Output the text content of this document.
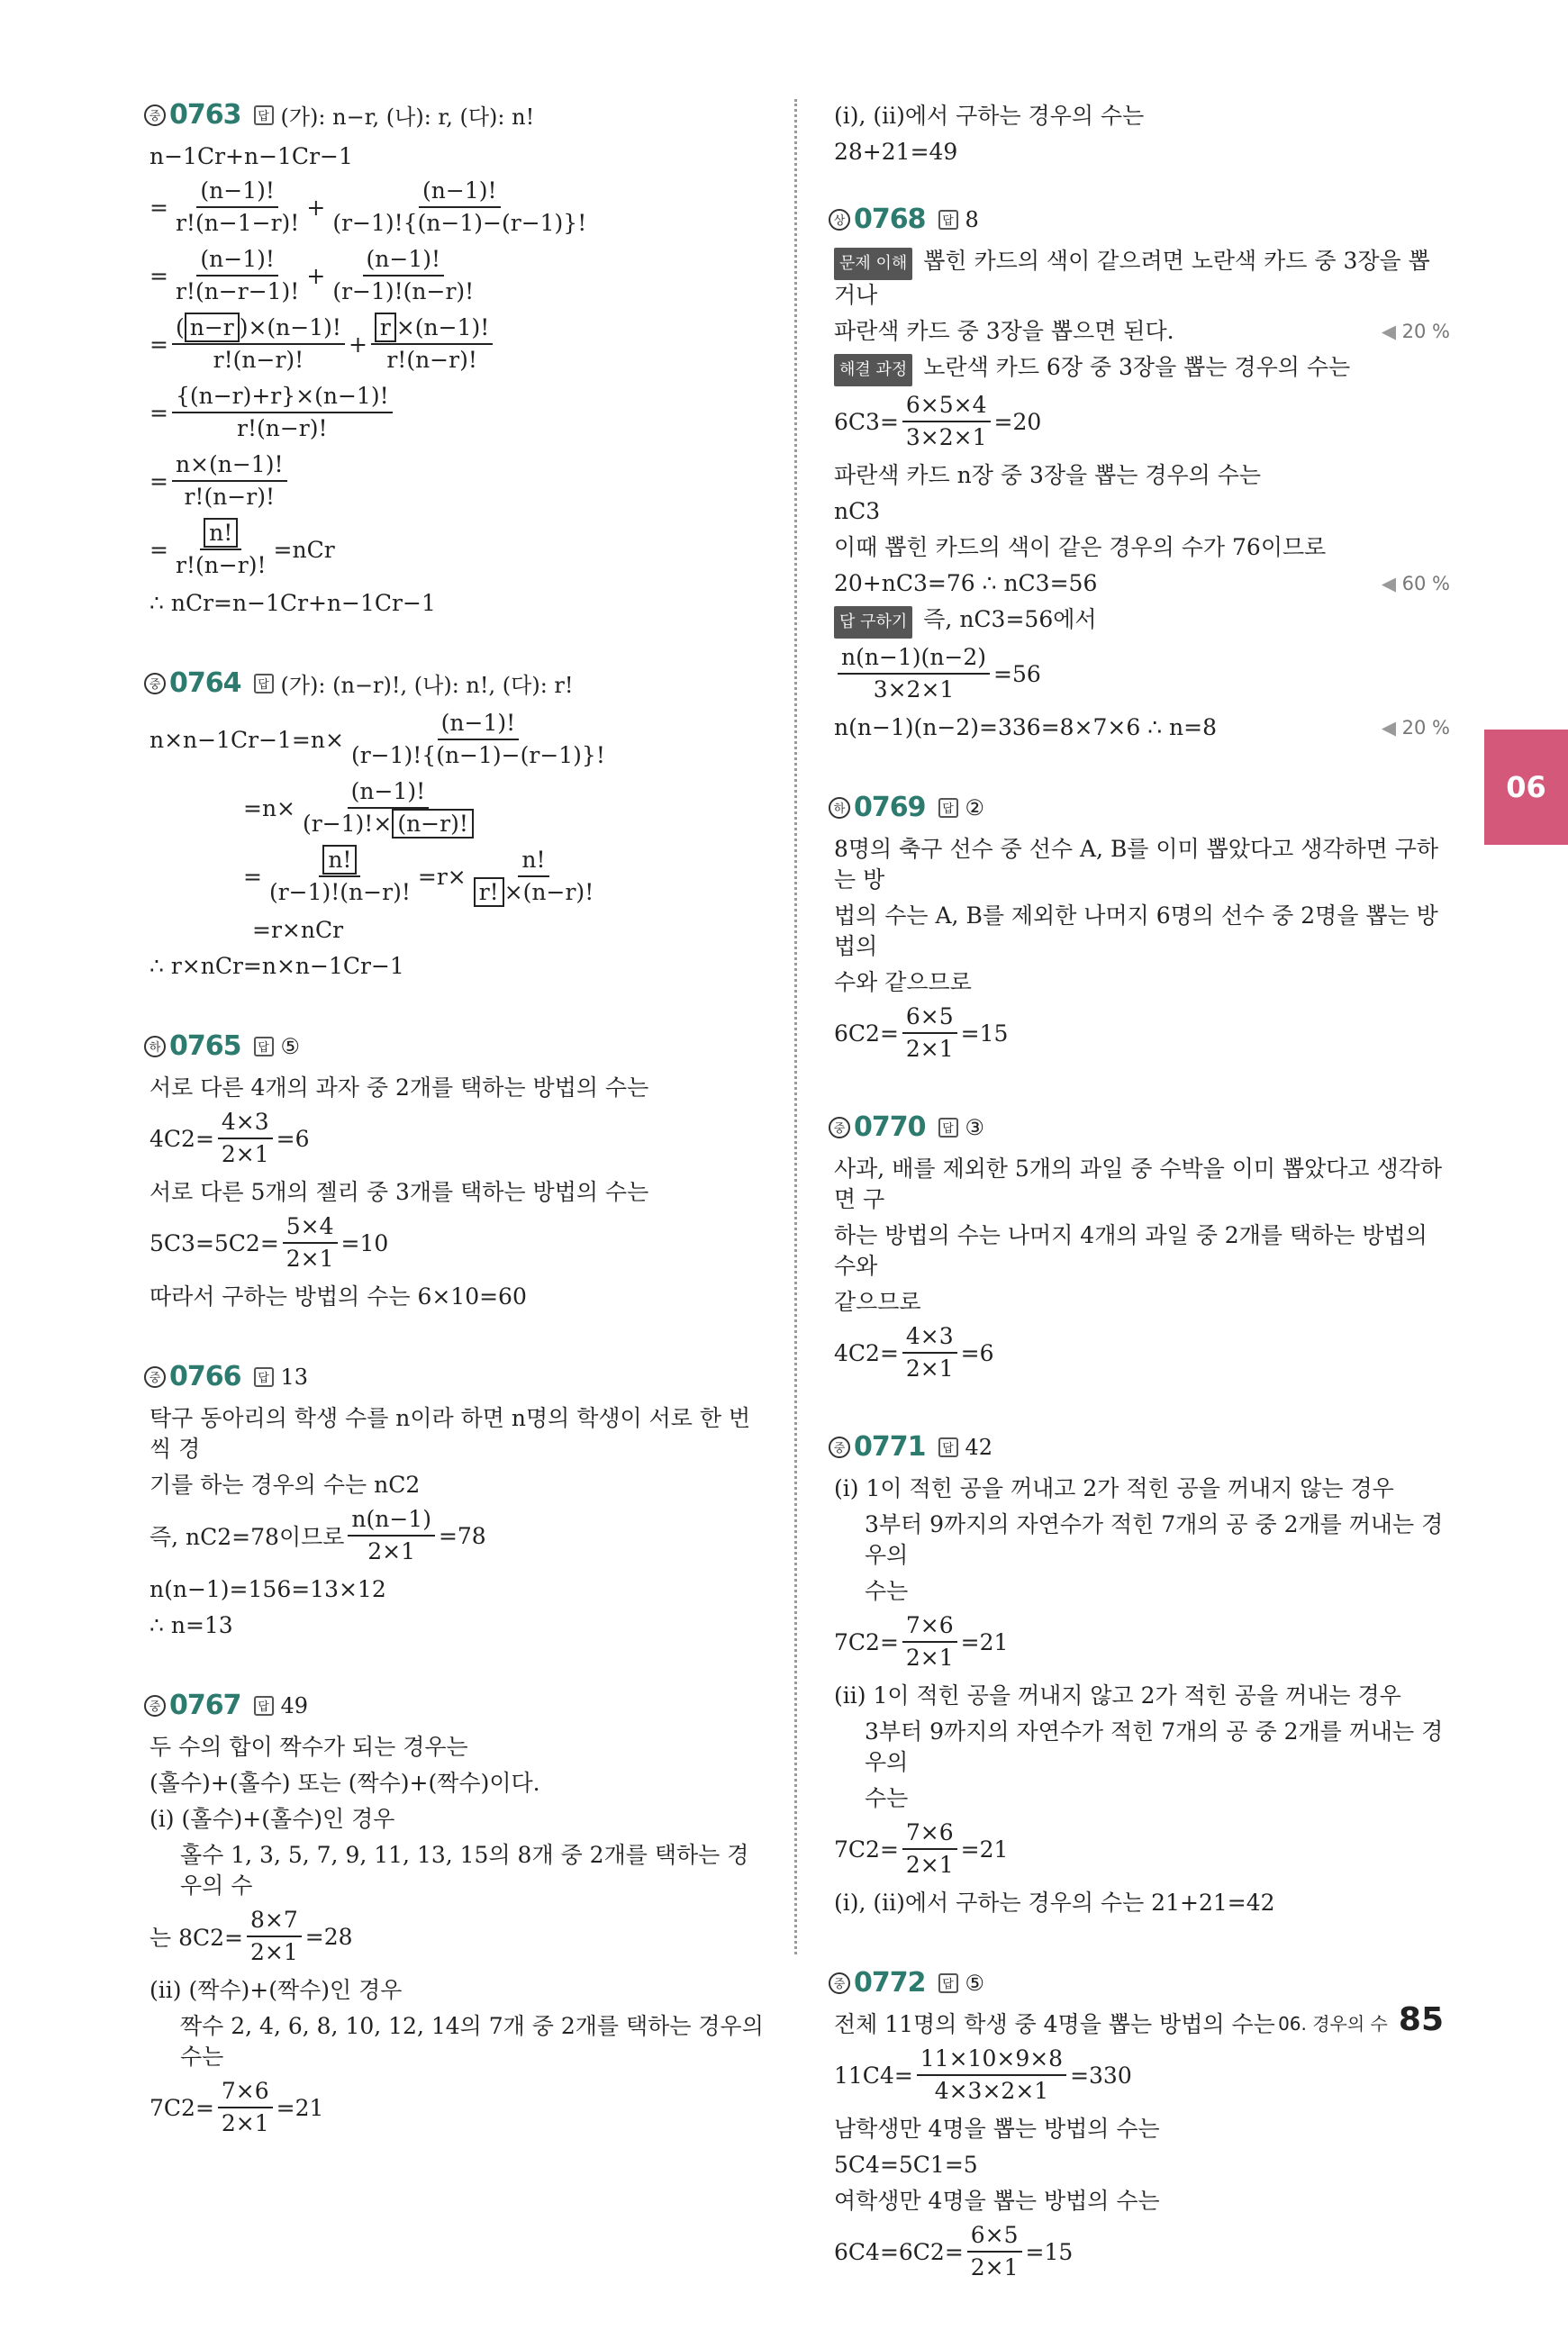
중 0763	답 (가): n−r, (나): r, (다): n!
n−1Cr+n−1Cr−1
= $\frac{(n-1)!}{r!(n-1-r)!} + \frac{(n-1)!}{(r-1)!\{(n-1)-(r-1)\}!}$
= $\frac{(n-1)!}{r!(n-r-1)!} + \frac{(n-1)!}{(r-1)!(n-r)!}$
= $\frac{( n-r )\times(n-1)!}{r!(n-r)!} + \frac{r \times(n-1)!}{r!(n-r)!}$
= $\frac{\{(n-r)+r\}\times(n-1)!}{r!(n-r)!}$
= $\frac{n\times(n-1)!}{r!(n-r)!}$
= $\frac{n!}{r!(n-r)!} =nCr$
∴ nCr=n−1Cr+n−1Cr−1
중 0764	답 (가): (n−r)!, (나): n!, (다): r!
$n\times n-1Cr-1=n\times \frac{(n-1)!}{(r-1)!\{(n-1)-(r-1)\}!}$
$=n\times \frac{(n-1)!}{(r-1)!\times (n-r)!}$
= $\frac{n!}{(r-1)!(n-r)!} =r\times \frac{n!}{r! \times(n-r)!}$
=r×nCr
∴ r×nCr=n×n−1Cr−1
하 0765	답 ⑤
서로 다른 4개의 과자 중 2개를 택하는 방법의 수는
$4C2= \frac{4\times 3}{2\times 1} =6$
서로 다른 5개의 젤리 중 3개를 택하는 방법의 수는
$5C3=5C2= \frac{5\times 4}{2\times 1} =10$
따라서 구하는 방법의 수는 6×10=60
중 0766	답 13
탁구 동아리의 학생 수를 n이라 하면 n명의 학생이 서로 한 번씩 경
기를 하는 경우의 수는 nC2
즉, nC2=78이므로 $\frac{n(n-1)}{2\times 1} =78$
n(n−1)=156=13×12
∴ n=13
중 0767	답 49
두 수의 합이 짝수가 되는 경우는
(홀수)+(홀수) 또는 (짝수)+(짝수)이다.
(i) (홀수)+(홀수)인 경우
홀수 1, 3, 5, 7, 9, 11, 13, 15의 8개 중 2개를 택하는 경우의 수
는 $8C2= \frac{8\times 7}{2\times 1} =28$
(ii) (짝수)+(짝수)인 경우
짝수 2, 4, 6, 8, 10, 12, 14의 7개 중 2개를 택하는 경우의 수는
$7C2= \frac{7\times 6}{2\times 1} =21$
(i), (ii)에서 구하는 경우의 수는
28+21=49
상 0768	답 8
문제 이해 뽑힌 카드의 색이 같으려면 노란색 카드 중 3장을 뽑거나
파란색 카드 중 3장을 뽑으면 된다.	◀ 20 %
해결 과정 노란색 카드 6장 중 3장을 뽑는 경우의 수는
$6C3= \frac{6\times 5\times 4}{3\times 2\times 1} =20$
파란색 카드 n장 중 3장을 뽑는 경우의 수는
nC3
이때 뽑힌 카드의 색이 같은 경우의 수가 76이므로
20+nC3=76 ∴ nC3=56	◀ 60 %
답 구하기 즉, nC3=56에서
$\frac{n(n-1)(n-2)}{3\times 2\times 1} =56$
n(n−1)(n−2)=336=8×7×6 ∴ n=8	◀ 20 %
하 0769	답 ②
8명의 축구 선수 중 선수 A, B를 이미 뽑았다고 생각하면 구하는 방
법의 수는 A, B를 제외한 나머지 6명의 선수 중 2명을 뽑는 방법의
수와 같으므로
$6C2= \frac{6\times 5}{2\times 1} =15$
중 0770	답 ③
사과, 배를 제외한 5개의 과일 중 수박을 이미 뽑았다고 생각하면 구
하는 방법의 수는 나머지 4개의 과일 중 2개를 택하는 방법의 수와
같으므로
$4C2= \frac{4\times 3}{2\times 1} =6$
중 0771	답 42
(i) 1이 적힌 공을 꺼내고 2가 적힌 공을 꺼내지 않는 경우
3부터 9까지의 자연수가 적힌 7개의 공 중 2개를 꺼내는 경우의
수는
$7C2= \frac{7\times 6}{2\times 1} =21$
(ii) 1이 적힌 공을 꺼내지 않고 2가 적힌 공을 꺼내는 경우
3부터 9까지의 자연수가 적힌 7개의 공 중 2개를 꺼내는 경우의
수는
$7C2= \frac{7\times 6}{2\times 1} =21$
(i), (ii)에서 구하는 경우의 수는 21+21=42
중 0772	답 ⑤
전체 11명의 학생 중 4명을 뽑는 방법의 수는
$11C4= \frac{11\times 10\times 9\times 8}{4\times 3\times 2\times 1} =330$
남학생만 4명을 뽑는 방법의 수는
5C4=5C1=5
여학생만 4명을 뽑는 방법의 수는
$6C4=6C2= \frac{6\times 5}{2\times 1} =15$
06
06. 경우의 수 85
